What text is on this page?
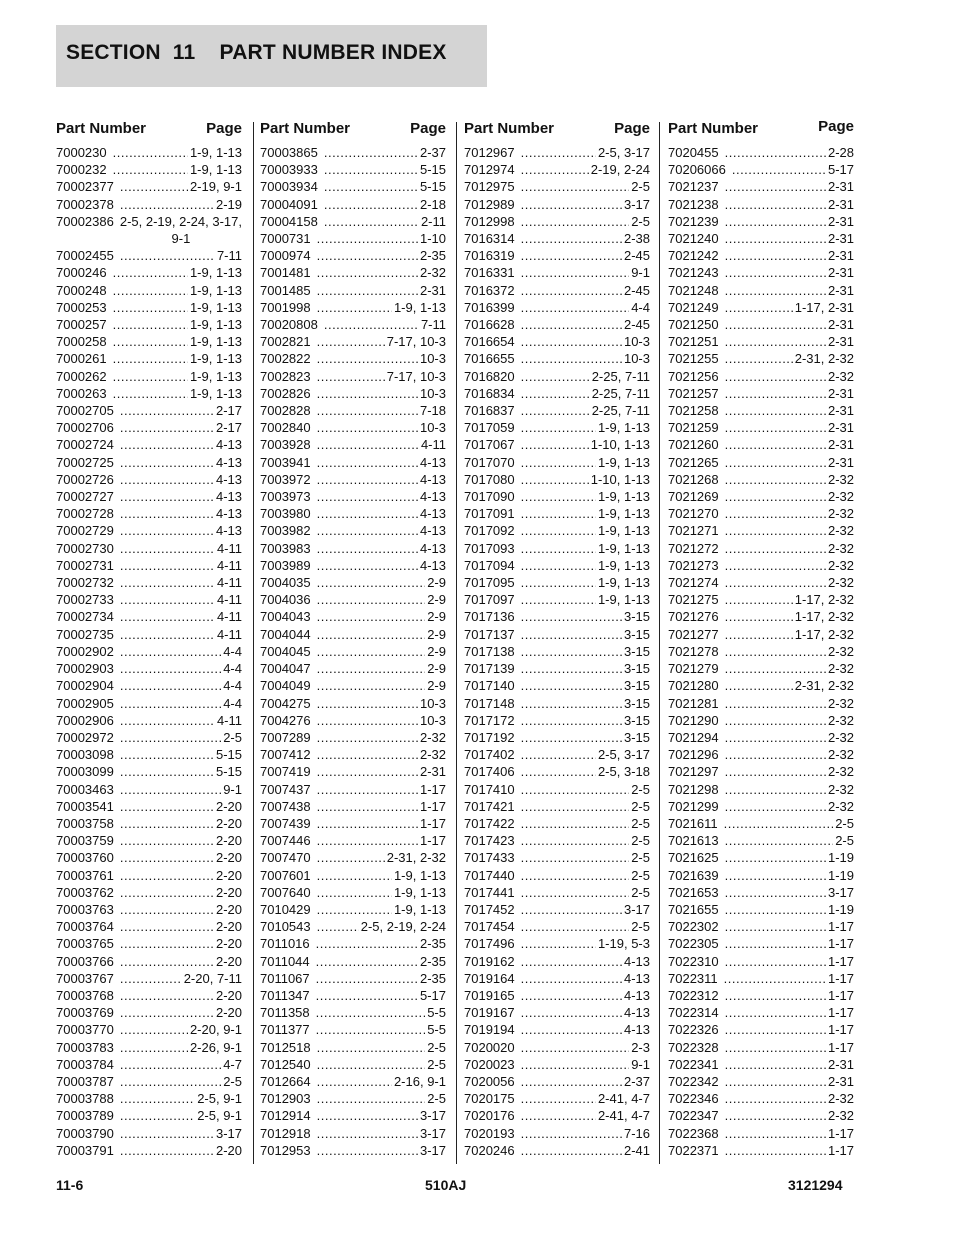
SECTION  11    PART NUMBER INDEX
Part Number	Page
7000230 .....	1-9, 1-13
7000232 .....	1-9, 1-13
70002377 .....	2-19, 9-1
70002378 .....	2-19
70002386 2-5, 2-19, 2-24, 3-17, 9-1
70002455 .....	7-11
7000246 .....	1-9, 1-13
7000248 .....	1-9, 1-13
7000253 .....	1-9, 1-13
7000257 .....	1-9, 1-13
7000258 .....	1-9, 1-13
7000261 .....	1-9, 1-13
7000262 .....	1-9, 1-13
7000263 .....	1-9, 1-13
70002705 .....	2-17
70002706 .....	2-17
70002724 .....	4-13
70002725 .....	4-13
70002726 .....	4-13
70002727 .....	4-13
70002728 .....	4-13
70002729 .....	4-13
70002730 .....	4-11
70002731 .....	4-11
70002732 .....	4-11
70002733 .....	4-11
70002734 .....	4-11
70002735 .....	4-11
70002902 .....	4-4
70002903 .....	4-4
70002904 .....	4-4
70002905 .....	4-4
70002906 .....	4-11
70002972 .....	2-5
70003098 .....	5-15
70003099 .....	5-15
70003463 .....	9-1
70003541 .....	2-20
70003758 .....	2-20
70003759 .....	2-20
70003760 .....	2-20
70003761 .....	2-20
70003762 .....	2-20
70003763 .....	2-20
70003764 .....	2-20
70003765 .....	2-20
70003766 .....	2-20
70003767 .....	2-20, 7-11
70003768 .....	2-20
70003769 .....	2-20
70003770 .....	2-20, 9-1
70003783 .....	2-26, 9-1
70003784 .....	4-7
70003787 .....	2-5
70003788 .....	2-5, 9-1
70003789 .....	2-5, 9-1
70003790 .....	3-17
70003791 .....	2-20
Part Number	Page
70003865 .....	2-37
70003933 .....	5-15
70003934 .....	5-15
70004091 .....	2-18
70004158 .....	2-11
7000731 .....	1-10
7000974 .....	2-35
7001481 .....	2-32
7001485 .....	2-31
7001998 .....	1-9, 1-13
70020808 .....	7-11
7002821 .....	7-17, 10-3
7002822 .....	10-3
7002823 .....	7-17, 10-3
7002826 .....	10-3
7002828 .....	7-18
7002840 .....	10-3
7003928 .....	4-11
7003941 .....	4-13
7003972 .....	4-13
7003973 .....	4-13
7003980 .....	4-13
7003982 .....	4-13
7003983 .....	4-13
7003989 .....	4-13
7004035 .....	2-9
7004036 .....	2-9
7004043 .....	2-9
7004044 .....	2-9
7004045 .....	2-9
7004047 .....	2-9
7004049 .....	2-9
7004275 .....	10-3
7004276 .....	10-3
7007289 .....	2-32
7007412 .....	2-32
7007419 .....	2-31
7007437 .....	1-17
7007438 .....	1-17
7007439 .....	1-17
7007446 .....	1-17
7007470 .....	2-31, 2-32
7007601 .....	1-9, 1-13
7007640 .....	1-9, 1-13
7010429 .....	1-9, 1-13
7010543 .....	2-5, 2-19, 2-24
7011016 .....	2-35
7011044 .....	2-35
7011067 .....	2-35
7011347 .....	5-17
7011358 .....	5-5
7011377 .....	5-5
7012518 .....	2-5
7012540 .....	2-5
7012664 .....	2-16, 9-1
7012903 .....	2-5
7012914 .....	3-17
7012918 .....	3-17
7012953 .....	3-17
Part Number	Page
7012967 .....	2-5, 3-17
7012974 .....	2-19, 2-24
7012975 .....	2-5
7012989 .....	3-17
7012998 .....	2-5
7016314 .....	2-38
7016319 .....	2-45
7016331 .....	9-1
7016372 .....	2-45
7016399 .....	4-4
7016628 .....	2-45
7016654 .....	10-3
7016655 .....	10-3
7016820 .....	2-25, 7-11
7016834 .....	2-25, 7-11
7016837 .....	2-25, 7-11
7017059 .....	1-9, 1-13
7017067 .....	1-10, 1-13
7017070 .....	1-9, 1-13
7017080 .....	1-10, 1-13
7017090 .....	1-9, 1-13
7017091 .....	1-9, 1-13
7017092 .....	1-9, 1-13
7017093 .....	1-9, 1-13
7017094 .....	1-9, 1-13
7017095 .....	1-9, 1-13
7017097 .....	1-9, 1-13
7017136 .....	3-15
7017137 .....	3-15
7017138 .....	3-15
7017139 .....	3-15
7017140 .....	3-15
7017148 .....	3-15
7017172 .....	3-15
7017192 .....	3-15
7017402 .....	2-5, 3-17
7017406 .....	2-5, 3-18
7017410 .....	2-5
7017421 .....	2-5
7017422 .....	2-5
7017423 .....	2-5
7017433 .....	2-5
7017440 .....	2-5
7017441 .....	2-5
7017452 .....	3-17
7017454 .....	2-5
7017496 .....	1-19, 5-3
7019162 .....	4-13
7019164 .....	4-13
7019165 .....	4-13
7019167 .....	4-13
7019194 .....	4-13
7020020 .....	2-3
7020023 .....	9-1
7020056 .....	2-37
7020175 .....	2-41, 4-7
7020176 .....	2-41, 4-7
7020193 .....	7-16
7020246 .....	2-41
Part Number	Page
7020455 .....	2-28
70206066 .....	5-17
7021237 .....	2-31
7021238 .....	2-31
7021239 .....	2-31
7021240 .....	2-31
7021242 .....	2-31
7021243 .....	2-31
7021248 .....	2-31
7021249 .....	1-17, 2-31
7021250 .....	2-31
7021251 .....	2-31
7021255 .....	2-31, 2-32
7021256 .....	2-32
7021257 .....	2-31
7021258 .....	2-31
7021259 .....	2-31
7021260 .....	2-31
7021265 .....	2-31
7021268 .....	2-32
7021269 .....	2-32
7021270 .....	2-32
7021271 .....	2-32
7021272 .....	2-32
7021273 .....	2-32
7021274 .....	2-32
7021275 .....	1-17, 2-32
7021276 .....	1-17, 2-32
7021277 .....	1-17, 2-32
7021278 .....	2-32
7021279 .....	2-32
7021280 .....	2-31, 2-32
7021281 .....	2-32
7021290 .....	2-32
7021294 .....	2-32
7021296 .....	2-32
7021297 .....	2-32
7021298 .....	2-32
7021299 .....	2-32
7021611 .....	2-5
7021613 .....	2-5
7021625 .....	1-19
7021639 .....	1-19
7021653 .....	3-17
7021655 .....	1-19
7022302 .....	1-17
7022305 .....	1-17
7022310 .....	1-17
7022311 .....	1-17
7022312 .....	1-17
7022314 .....	1-17
7022326 .....	1-17
7022328 .....	1-17
7022341 .....	2-31
7022342 .....	2-31
7022346 .....	2-32
7022347 .....	2-32
7022368 .....	1-17
7022371 .....	1-17
11-6	510AJ	3121294
